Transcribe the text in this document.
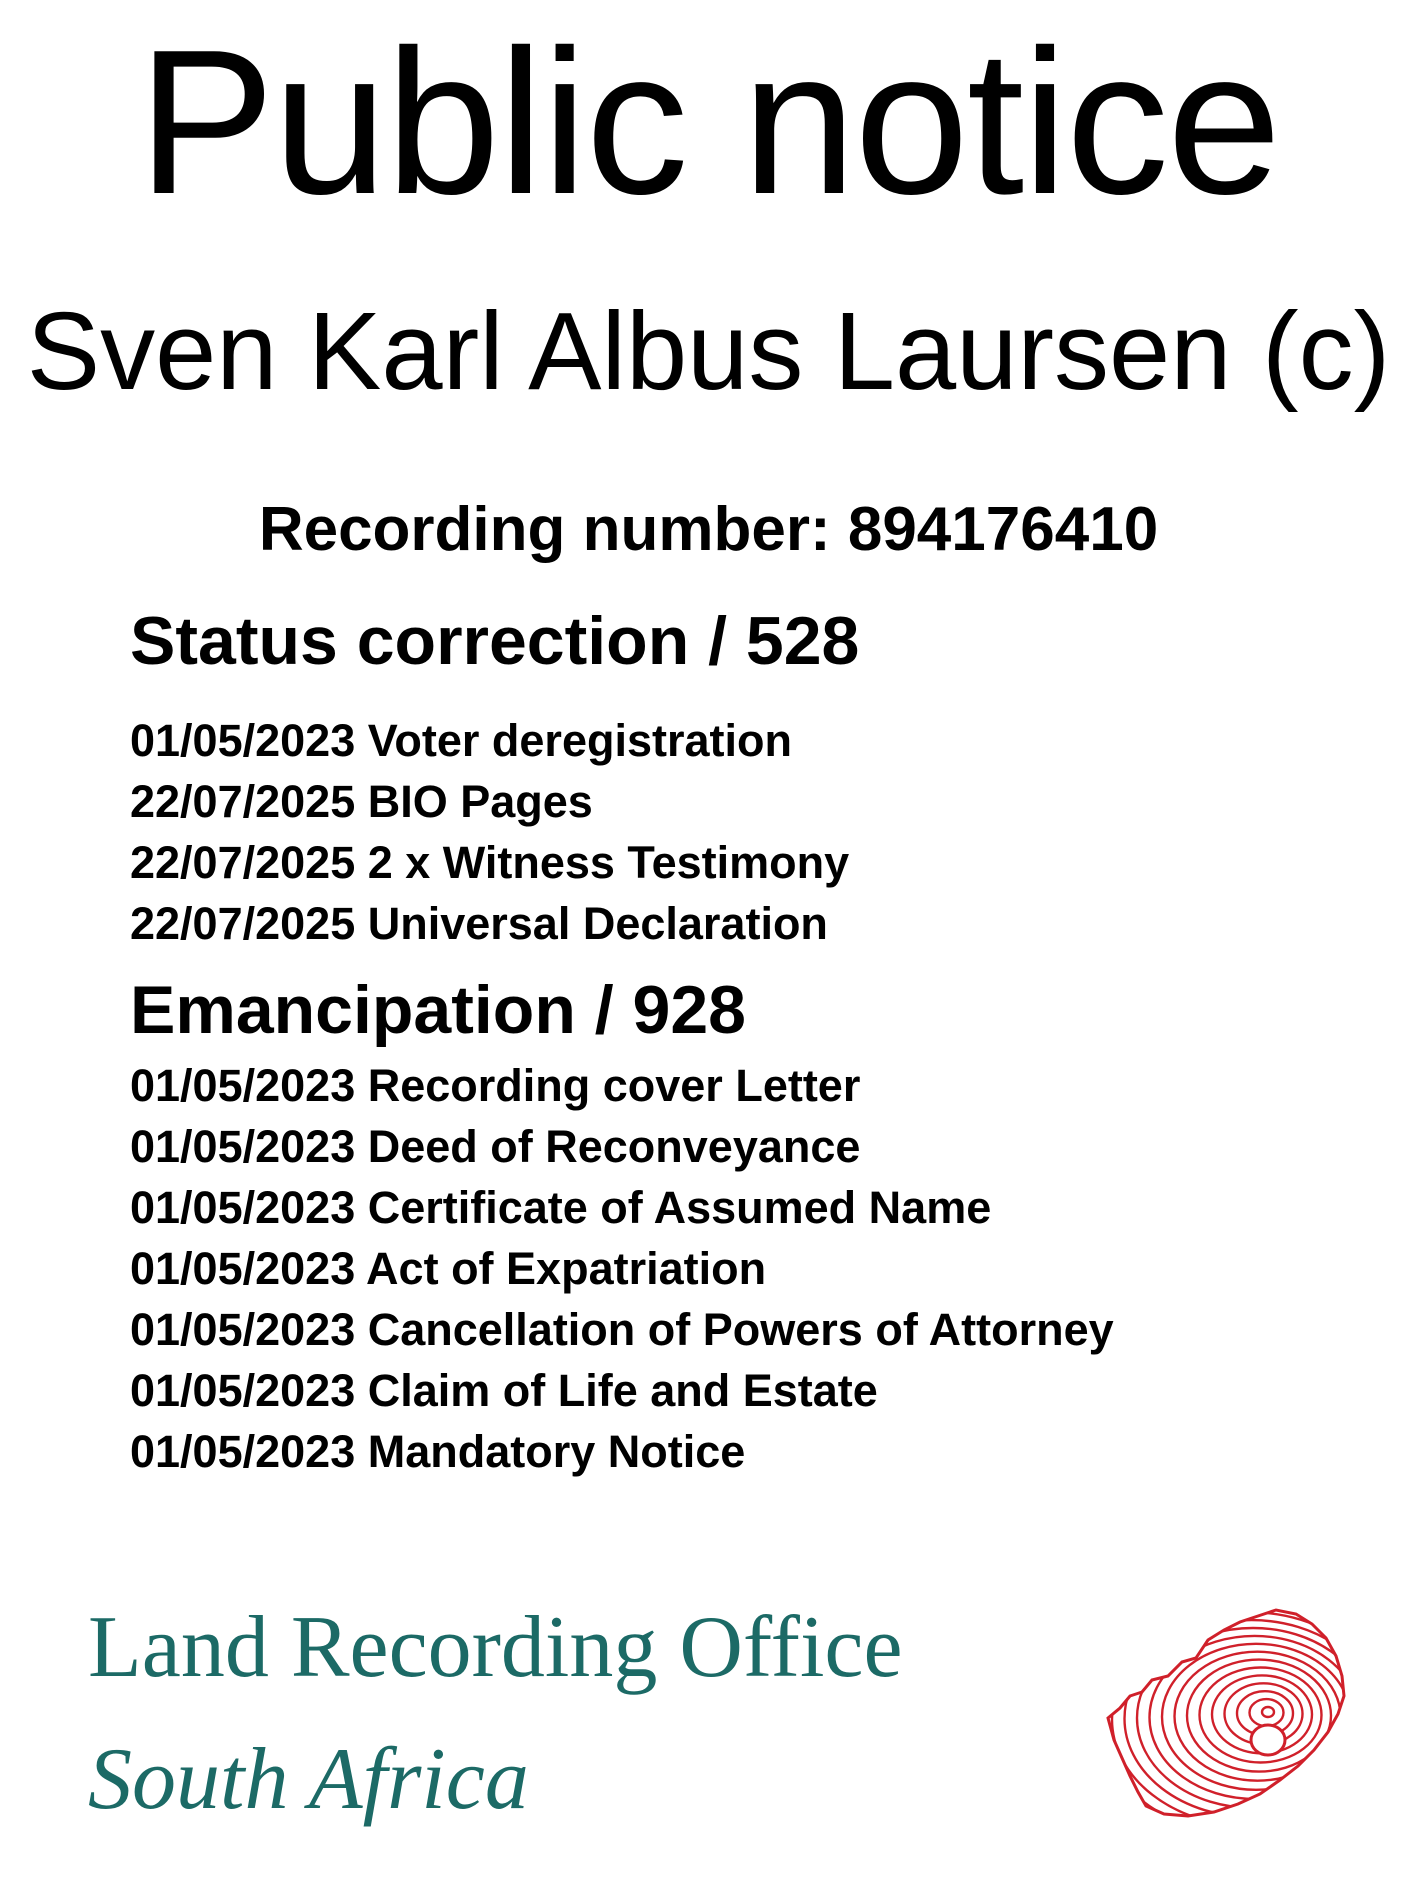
Public notice
Sven Karl Albus Laursen (c)
Recording number: 894176410
Status correction / 528
01/05/2023 Voter deregistration
22/07/2025 BIO Pages
22/07/2025 2 x Witness Testimony
22/07/2025 Universal Declaration
Emancipation / 928
01/05/2023 Recording cover Letter
01/05/2023 Deed of Reconveyance
01/05/2023 Certificate of Assumed Name
01/05/2023 Act of Expatriation
01/05/2023 Cancellation of Powers of Attorney
01/05/2023 Claim of Life and Estate
01/05/2023 Mandatory Notice
Land Recording Office
South Africa
